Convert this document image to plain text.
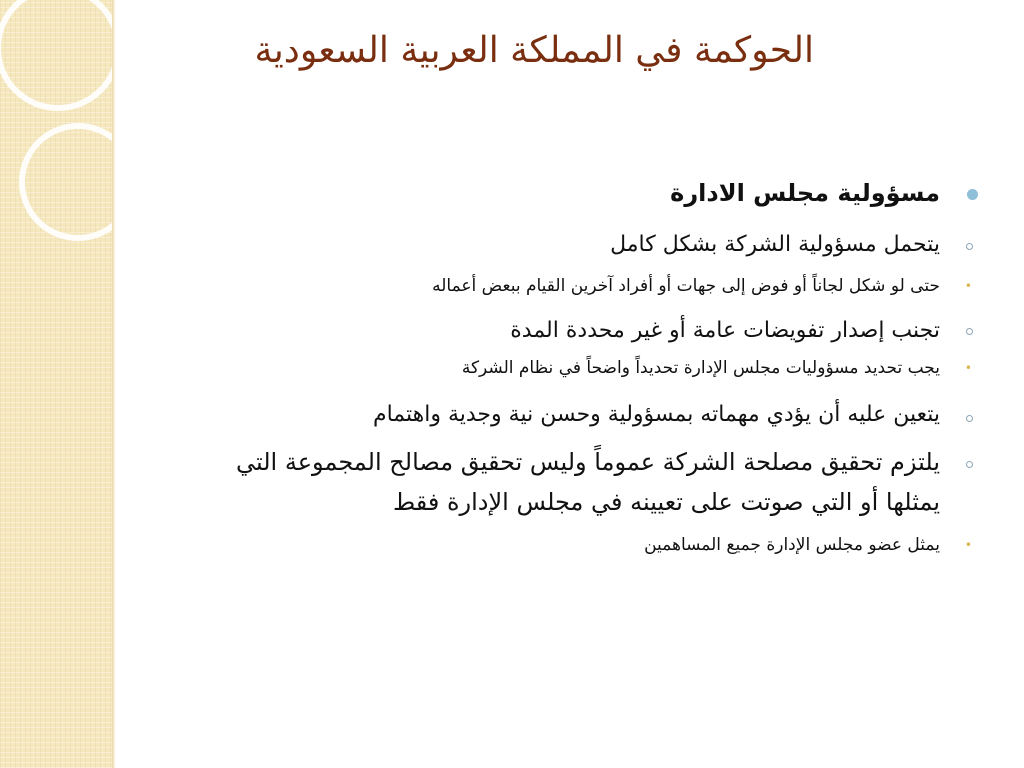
الحوكمة في المملكة العربية السعودية
مسؤولية مجلس الادارة
يتحمل مسؤولية الشركة بشكل كامل
•
حتى لو شكل لجاناً أو فوض إلى جهات أو أفراد آخرين القيام ببعض أعماله
تجنب إصدار تفويضات عامة أو غير محددة المدة
•
يجب تحديد مسؤوليات مجلس الإدارة تحديداً واضحاً في نظام الشركة
يتعين عليه أن يؤدي مهماته بمسؤولية وحسن نية وجدية واهتمام
يلتزم تحقيق مصلحة الشركة عموماً وليس تحقيق مصالح المجموعة التي يمثلها أو التي صوتت على تعيينه في مجلس الإدارة فقط
•
يمثل عضو مجلس الإدارة جميع المساهمين
